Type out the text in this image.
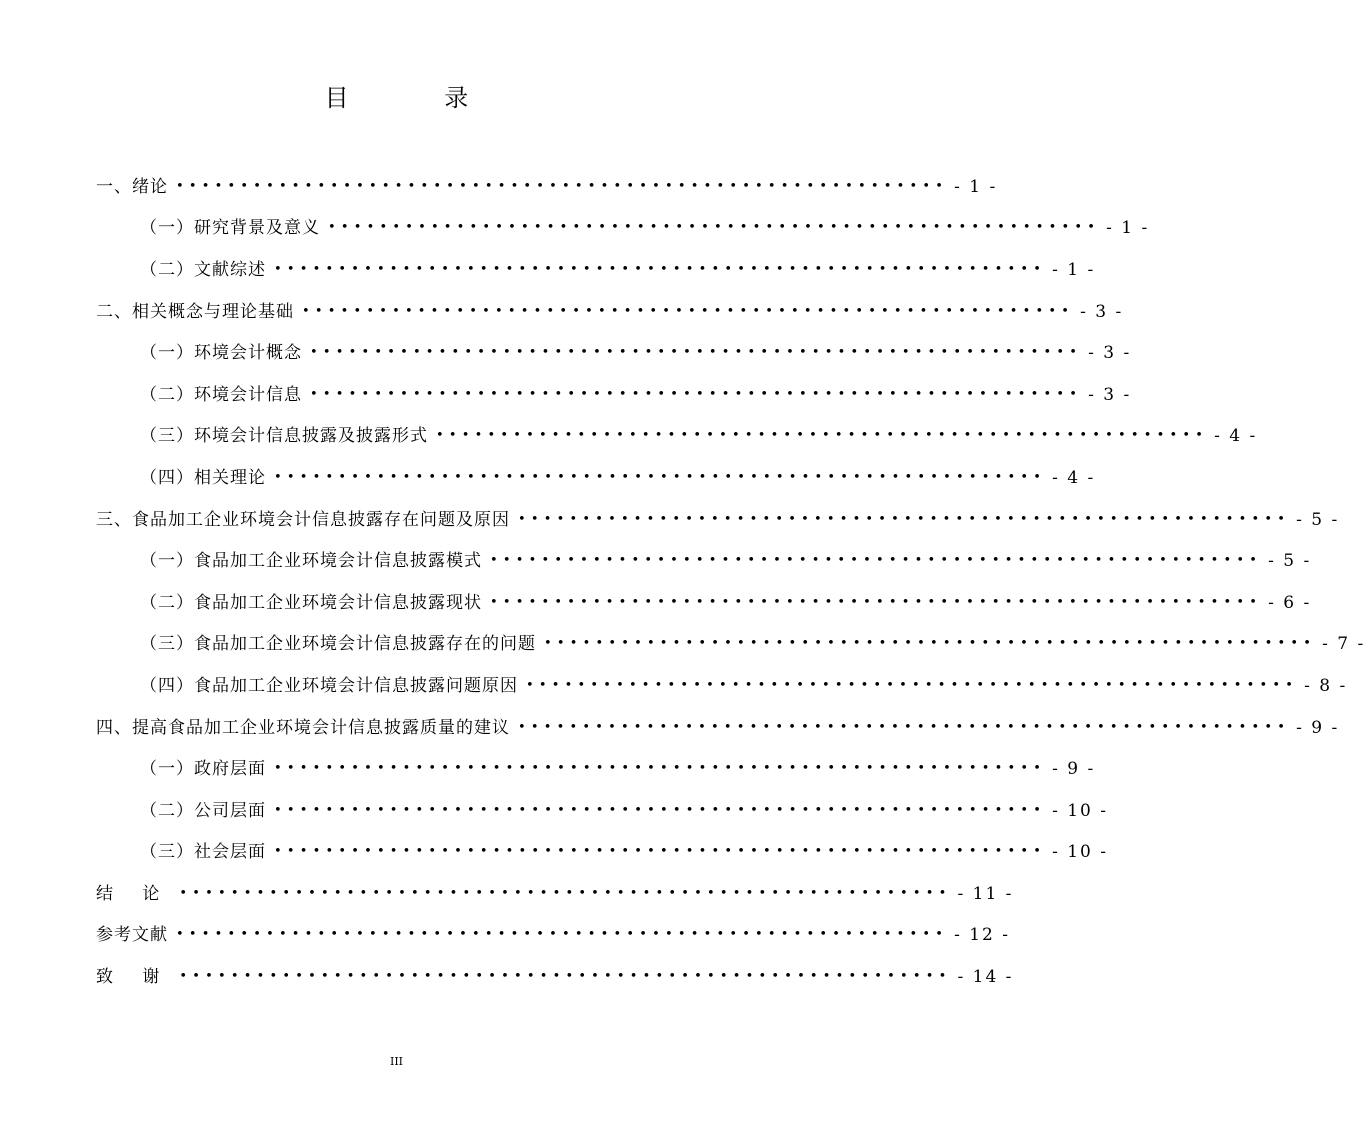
目 录
一、绪论 •••••••••••••••••••••••••••••••••••••••••••••••••••••••••••• - 1 -
（一）研究背景及意义 •••••••••••••••••••••••••••••••••••••••••••••••••••••••••••• - 1 -
（二）文献综述 •••••••••••••••••••••••••••••••••••••••••••••••••••••••••••• - 1 -
二、相关概念与理论基础 •••••••••••••••••••••••••••••••••••••••••••••••••••••••••••• - 3 -
（一）环境会计概念 •••••••••••••••••••••••••••••••••••••••••••••••••••••••••••• - 3 -
（二）环境会计信息 •••••••••••••••••••••••••••••••••••••••••••••••••••••••••••• - 3 -
（三）环境会计信息披露及披露形式 •••••••••••••••••••••••••••••••••••••••••••••••••••••••••••• - 4 -
（四）相关理论 •••••••••••••••••••••••••••••••••••••••••••••••••••••••••••• - 4 -
三、食品加工企业环境会计信息披露存在问题及原因 •••••••••••••••••••••••••••••••••••••••••••••••••••••••••••• - 5 -
（一）食品加工企业环境会计信息披露模式 •••••••••••••••••••••••••••••••••••••••••••••••••••••••••••• - 5 -
（二）食品加工企业环境会计信息披露现状 •••••••••••••••••••••••••••••••••••••••••••••••••••••••••••• - 6 -
（三）食品加工企业环境会计信息披露存在的问题 •••••••••••••••••••••••••••••••••••••••••••••••••••••••••••• - 7 -
（四）食品加工企业环境会计信息披露问题原因 •••••••••••••••••••••••••••••••••••••••••••••••••••••••••••• - 8 -
四、提高食品加工企业环境会计信息披露质量的建议 •••••••••••••••••••••••••••••••••••••••••••••••••••••••••••• - 9 -
（一）政府层面 •••••••••••••••••••••••••••••••••••••••••••••••••••••••••••• - 9 -
（二）公司层面 •••••••••••••••••••••••••••••••••••••••••••••••••••••••••••• - 10 -
（三）社会层面 •••••••••••••••••••••••••••••••••••••••••••••••••••••••••••• - 10 -
结 论 •••••••••••••••••••••••••••••••••••••••••••••••••••••••••••• - 11 -
参考文献 •••••••••••••••••••••••••••••••••••••••••••••••••••••••••••• - 12 -
致 谢 •••••••••••••••••••••••••••••••••••••••••••••••••••••••••••• - 14 -
III
